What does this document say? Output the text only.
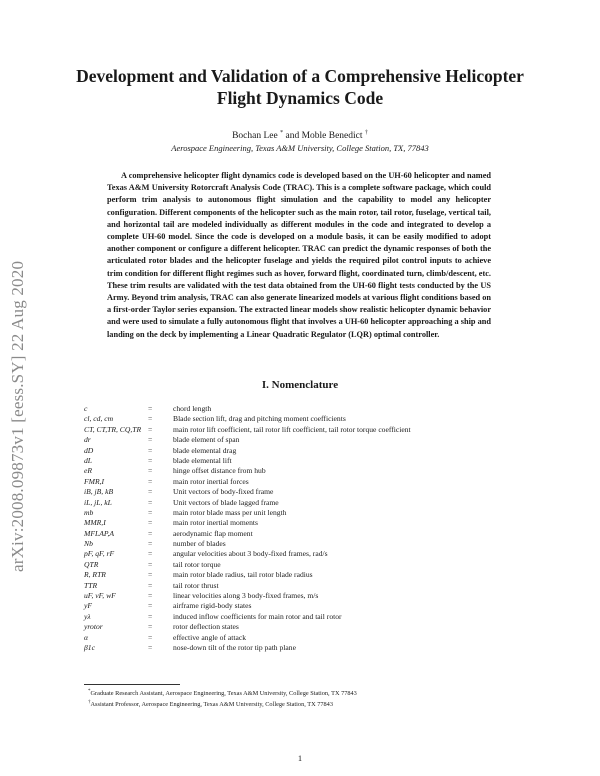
arXiv:2008.09873v1 [eess.SY] 22 Aug 2020
Development and Validation of a Comprehensive Helicopter
Flight Dynamics Code
Bochan Lee * and Moble Benedict †
Aerospace Engineering, Texas A&M University, College Station, TX, 77843

A comprehensive helicopter flight dynamics code is developed based on the UH-60 helicopter and named Texas A&M University Rotorcraft Analysis Code (TRAC). This is a complete software package, which could perform trim analysis to autonomous flight simulation and the capability to model any helicopter configuration. Different components of the helicopter such as the main rotor, tail rotor, fuselage, vertical tail, and horizontal tail are modeled individually as different modules in the code and integrated to develop a complete UH-60 model. Since the code is developed on a module basis, it can be easily modified to adopt another component or configure a different helicopter. TRAC can predict the dynamic responses of both the articulated rotor blades and the helicopter fuselage and yields the required pilot control inputs to achieve trim condition for different flight regimes such as hover, forward flight, coordinated turn, climb/descent, etc. These trim results are validated with the test data obtained from the UH-60 flight tests conducted by the US Army. Beyond trim analysis, TRAC can also generate linearized models at various flight conditions based on a first-order Taylor series expansion. The extracted linear models show realistic helicopter dynamic behavior and were used to simulate a fully autonomous flight that involves a UH-60 helicopter approaching a ship and landing on the deck by implementing a Linear Quadratic Regulator (LQR) optimal controller.

I. Nomenclature
c	=	chord length
cl, cd, cm	=	Blade section lift, drag and pitching moment coefficients
CT, CT,TR, CQ,TR =	main rotor lift coefficient, tail rotor lift coefficient, tail rotor torque coefficient
dr	=	blade element of span
dD	=	blade elemental drag
dL	=	blade elemental lift
eR	=	hinge offset distance from hub
FMR,I	=	main rotor inertial forces
iB, jB, kB	=	Unit vectors of body-fixed frame
iL, jL, kL	=	Unit vectors of blade lagged frame
mb	=	main rotor blade mass per unit length
MMR,I	=	main rotor inertial moments
MFLAP,A	=	aerodynamic flap moment
Nb	=	number of blades
pF, qF, rF	=	angular velocities about 3 body-fixed frames, rad/s
QTR	=	tail rotor torque
R, RTR	=	main rotor blade radius, tail rotor blade radius
TTR	=	tail rotor thrust
uF, vF, wF	=	linear velocities along 3 body-fixed frames, m/s
yF	=	airframe rigid-body states
yλ	=	induced inflow coefficients for main rotor and tail rotor
yrotor	=	rotor deflection states
α	=	effective angle of attack
β1c	=	nose-down tilt of the rotor tip path plane
*Graduate Research Assistant, Aerospace Engineering, Texas A&M University, College Station, TX 77843
†Assistant Professor, Aerospace Engineering, Texas A&M University, College Station, TX 77843
1
